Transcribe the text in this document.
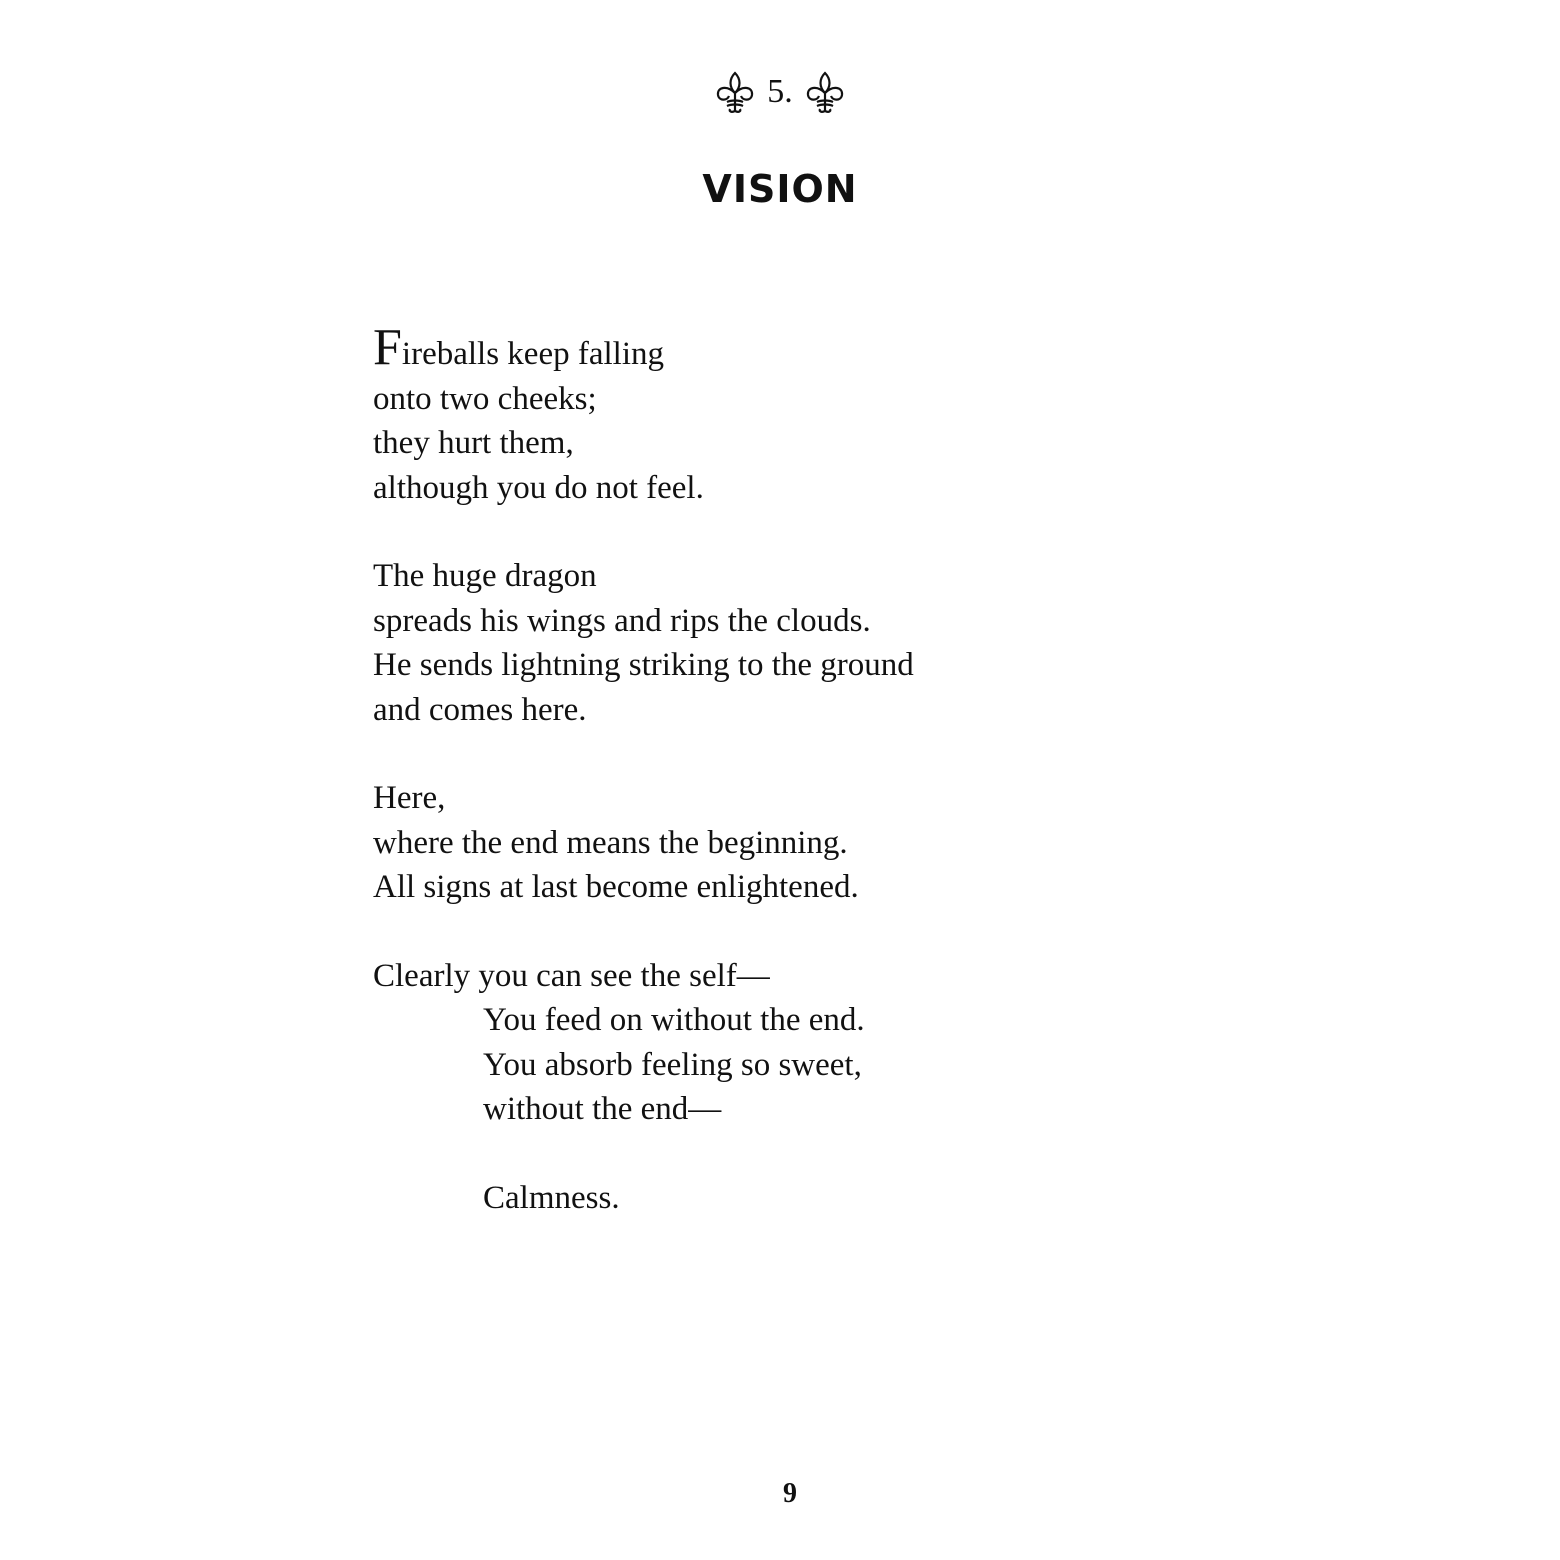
5.
VISION
Fireballs keep falling
onto two cheeks;
they hurt them,
although you do not feel.
The huge dragon
spreads his wings and rips the clouds.
He sends lightning striking to the ground
and comes here.
Here,
where the end means the beginning.
All signs at last become enlightened.
Clearly you can see the self—
You feed on without the end.
You absorb feeling so sweet,
without the end—
Calmness.
9
